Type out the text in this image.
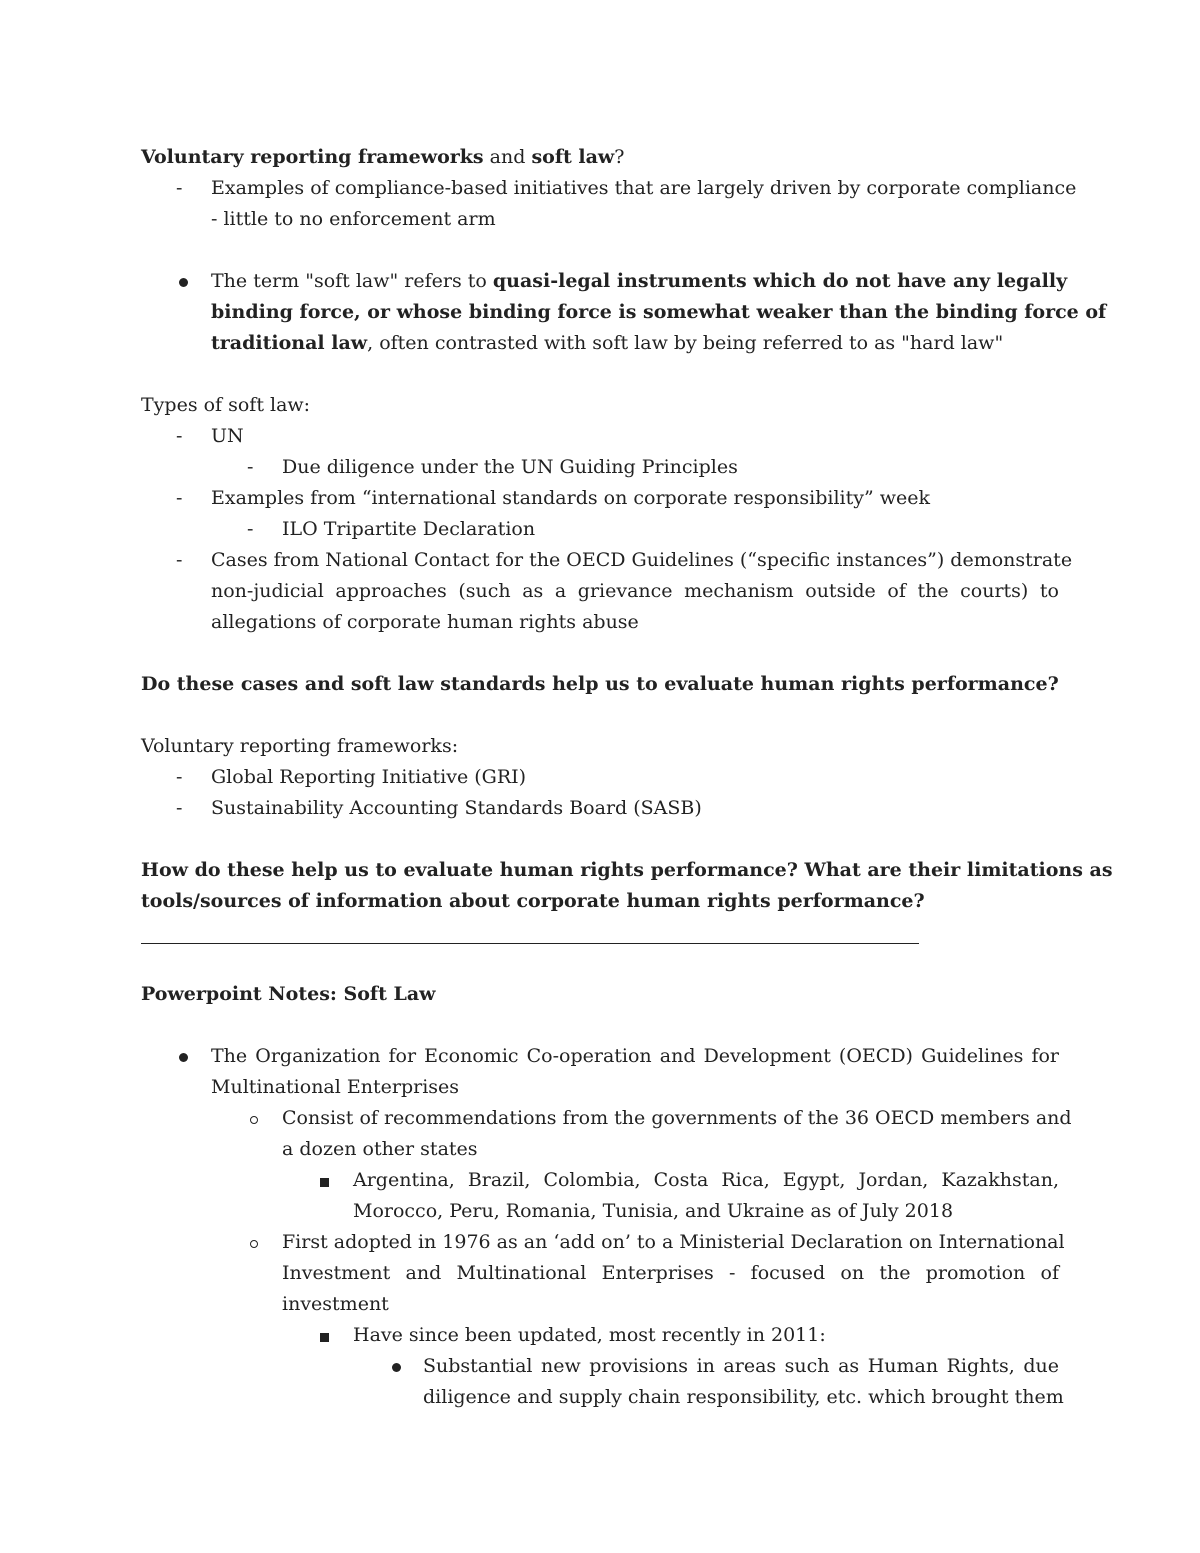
Voluntary reporting frameworks and soft law?
- Examples of compliance-based initiatives that are largely driven by corporate compliance
- little to no enforcement arm
The term "soft law" refers to quasi-legal instruments which do not have any legally
binding force, or whose binding force is somewhat weaker than the binding force of
traditional law, often contrasted with soft law by being referred to as "hard law"
Types of soft law:
- UN
- Due diligence under the UN Guiding Principles
- Examples from “international standards on corporate responsibility” week
- ILO Tripartite Declaration
- Cases from National Contact for the OECD Guidelines (“specific instances”) demonstrate
non-judicial approaches (such as a grievance mechanism outside of the courts) to
allegations of corporate human rights abuse
Do these cases and soft law standards help us to evaluate human rights performance?
Voluntary reporting frameworks:
- Global Reporting Initiative (GRI)
- Sustainability Accounting Standards Board (SASB)
How do these help us to evaluate human rights performance? What are their limitations as
tools/sources of information about corporate human rights performance?
Powerpoint Notes: Soft Law
The Organization for Economic Co-operation and Development (OECD) Guidelines for
Multinational Enterprises
Consist of recommendations from the governments of the 36 OECD members and
a dozen other states
Argentina, Brazil, Colombia, Costa Rica, Egypt, Jordan, Kazakhstan,
Morocco, Peru, Romania, Tunisia, and Ukraine as of July 2018
First adopted in 1976 as an ‘add on’ to a Ministerial Declaration on International
Investment and Multinational Enterprises - focused on the promotion of
investment
Have since been updated, most recently in 2011:
Substantial new provisions in areas such as Human Rights, due
diligence and supply chain responsibility, etc. which brought them
